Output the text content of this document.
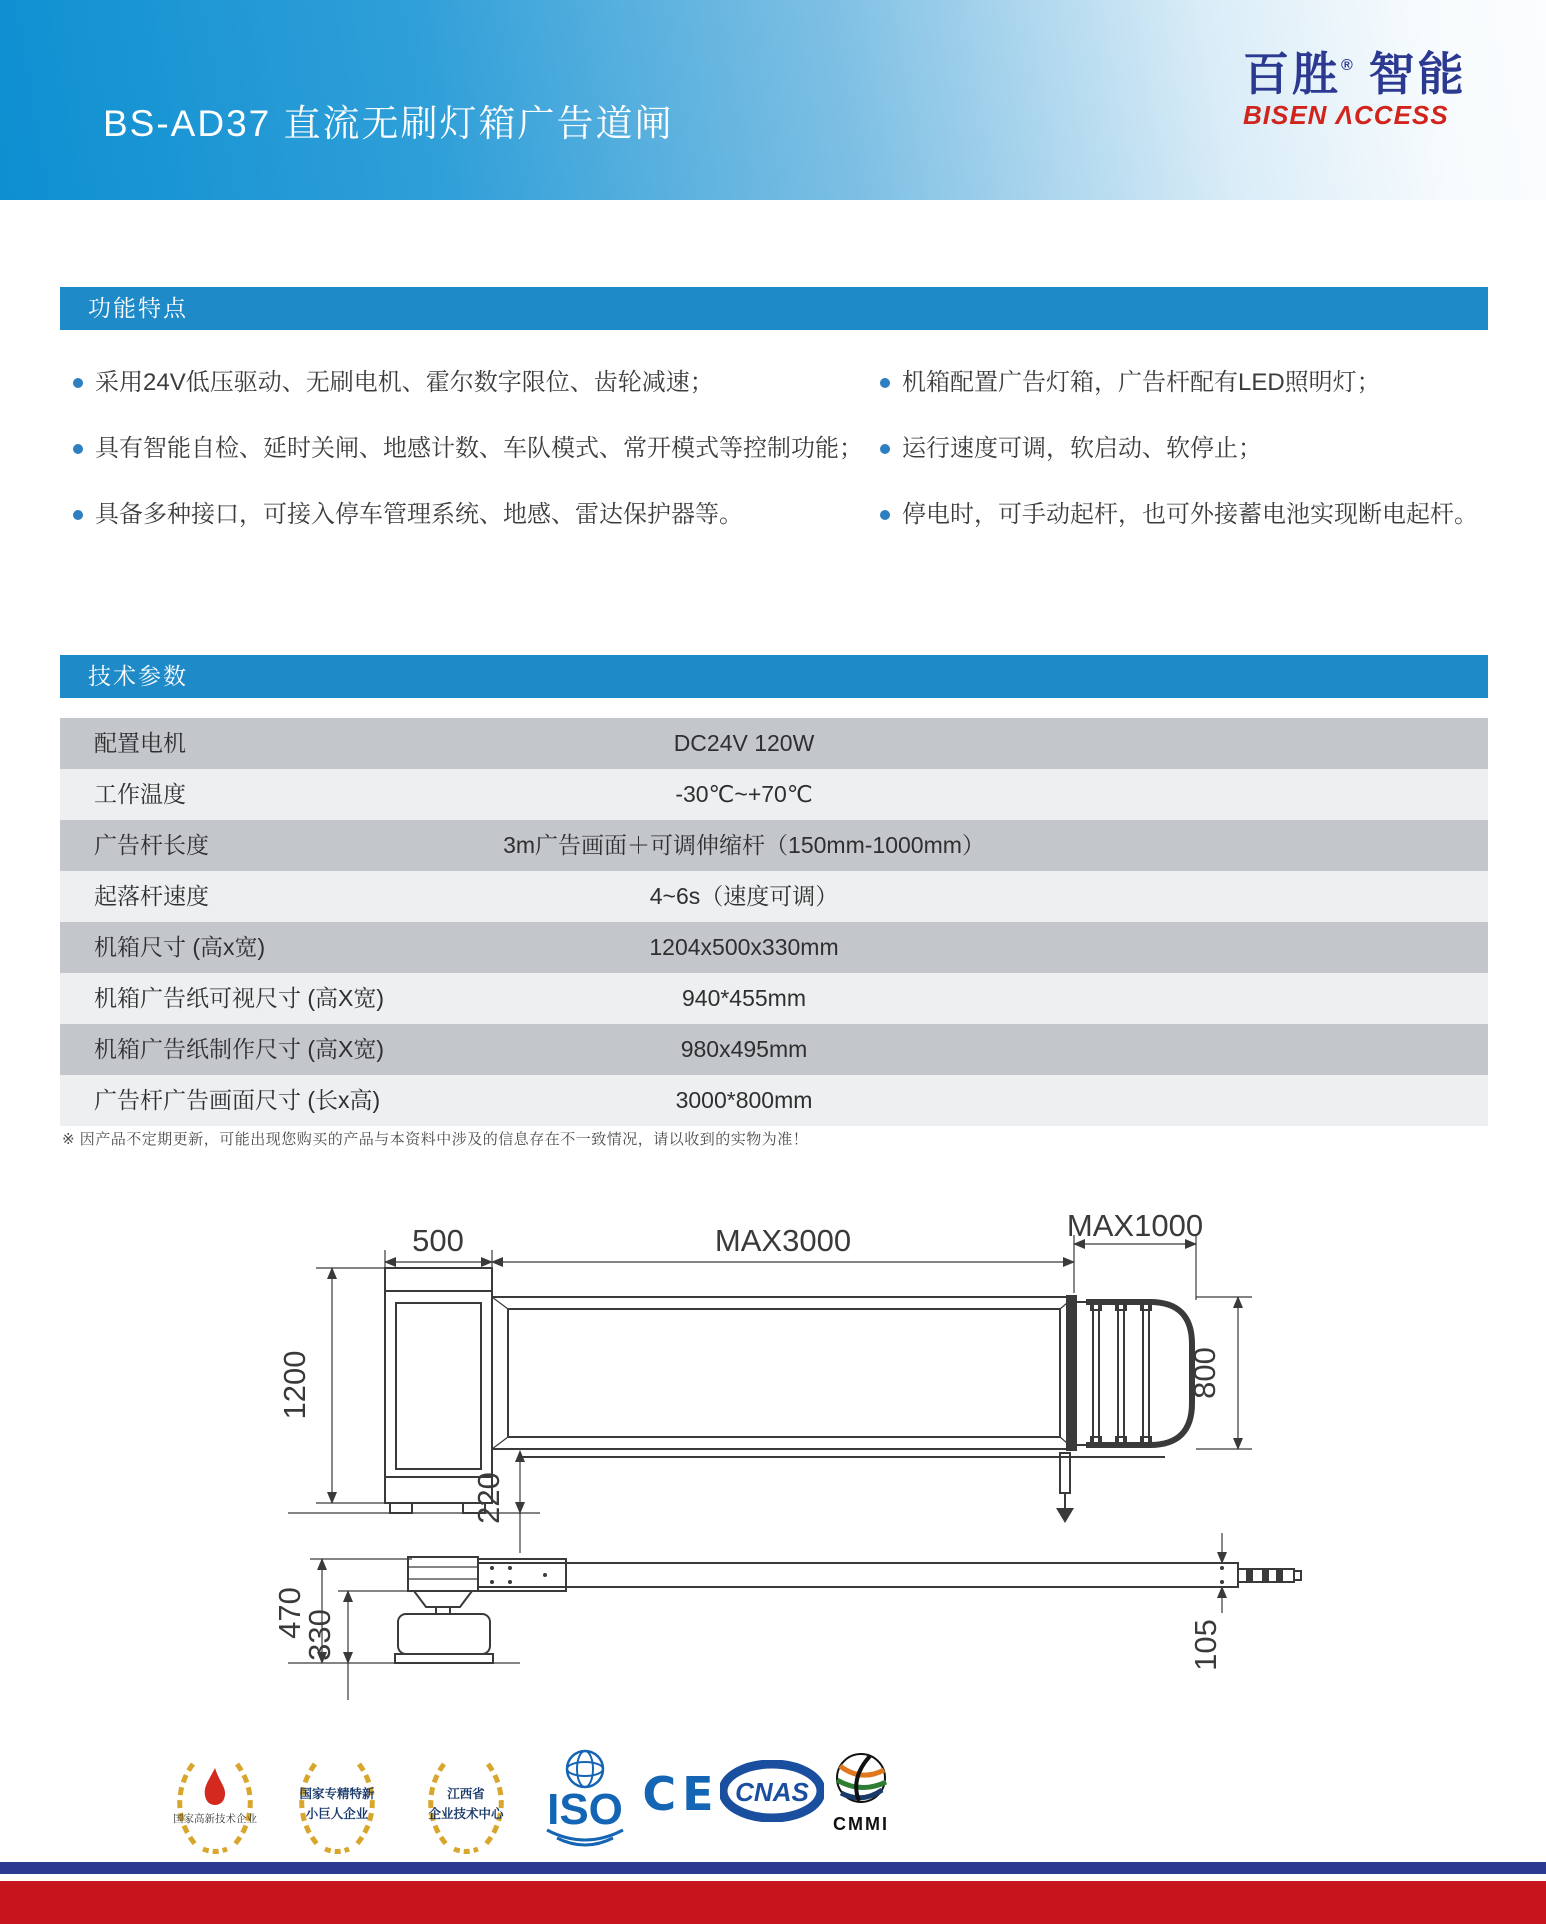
BS-AD37 直流无刷灯箱广告道闸
百胜® 智能
BISEN ΛCCESS
功能特点
采用24V低压驱动、无刷电机、霍尔数字限位、齿轮减速；
具有智能自检、延时关闸、地感计数、车队模式、常开模式等控制功能；
具备多种接口，可接入停车管理系统、地感、雷达保护器等。
机箱配置广告灯箱，广告杆配有LED照明灯；
运行速度可调，软启动、软停止；
停电时，可手动起杆，也可外接蓄电池实现断电起杆。
技术参数
配置电机	DC24V 120W
工作温度	-30℃~+70℃
广告杆长度	3m广告画面＋可调伸缩杆（150mm-1000mm）
起落杆速度	4~6s（速度可调）
机箱尺寸 (高x宽)	1204x500x330mm
机箱广告纸可视尺寸 (高X宽)	940*455mm
机箱广告纸制作尺寸 (高X宽)	980x495mm
广告杆广告画面尺寸 (长x高)	3000*800mm
※ 因产品不定期更新，可能出现您购买的产品与本资料中涉及的信息存在不一致情况，请以收到的实物为准！
500	MAX3000	MAX1000
1200	800
220
470
330	105
国家高新技术企业
国家专精特新
小巨人企业
江西省
企业技术中心 ISO CE CNAS
CMMI
